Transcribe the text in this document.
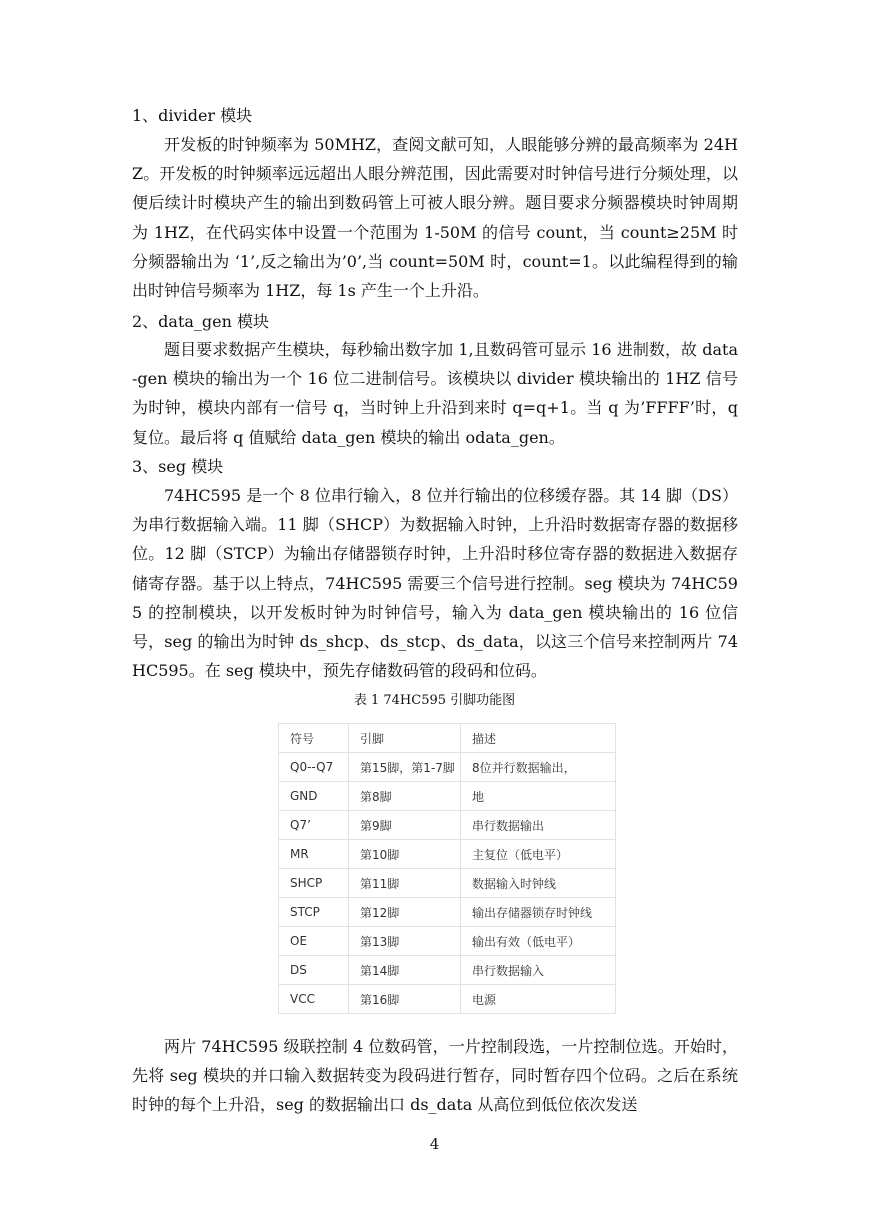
1、divider 模块

开发板的时钟频率为 50MHZ，查阅文献可知，人眼能够分辨的最高频率为 24HZ。开发板的时钟频率远远超出人眼分辨范围，因此需要对时钟信号进行分频处理，以便后续计时模块产生的输出到数码管上可被人眼分辨。题目要求分频器模块时钟周期为 1HZ，在代码实体中设置一个范围为 1-50M 的信号 count，当 count≥25M 时分频器输出为 ‘1’,反之输出为’0’,当 count=50M 时，count=1。以此编程得到的输出时钟信号频率为 1HZ，每 1s 产生一个上升沿。

2、data_gen 模块

题目要求数据产生模块，每秒输出数字加 1,且数码管可显示 16 进制数，故 data-gen 模块的输出为一个 16 位二进制信号。该模块以 divider 模块输出的 1HZ 信号为时钟，模块内部有一信号 q，当时钟上升沿到来时 q=q+1。当 q 为’FFFF’时，q 复位。最后将 q 值赋给 data_gen 模块的输出 odata_gen。

3、seg 模块

74HC595 是一个 8 位串行输入，8 位并行输出的位移缓存器。其 14 脚（DS）为串行数据输入端。11 脚（SHCP）为数据输入时钟，上升沿时数据寄存器的数据移位。12 脚（STCP）为输出存储器锁存时钟，上升沿时移位寄存器的数据进入数据存储寄存器。基于以上特点，74HC595 需要三个信号进行控制。seg 模块为 74HC595 的控制模块，以开发板时钟为时钟信号，输入为 data_gen 模块输出的 16 位信号，seg 的输出为时钟 ds_shcp、ds_stcp、ds_data，以这三个信号来控制两片 74HC595。在 seg 模块中，预先存储数码管的段码和位码。

表 1 74HC595 引脚功能图
符号	引脚	描述
Q0--Q7	第15脚，第1-7脚	8位并行数据输出，
GND	第8脚	地
Q7’	第9脚	串行数据输出
MR	第10脚	主复位（低电平）
SHCP	第11脚	数据输入时钟线
STCP	第12脚	输出存储器锁存时钟线
OE	第13脚	输出有效（低电平）
DS	第14脚	串行数据输入
VCC	第16脚	电源

两片 74HC595 级联控制 4 位数码管，一片控制段选，一片控制位选。开始时，先将 seg 模块的并口输入数据转变为段码进行暂存，同时暂存四个位码。之后在系统时钟的每个上升沿，seg 的数据输出口 ds_data 从高位到低位依次发送

4
